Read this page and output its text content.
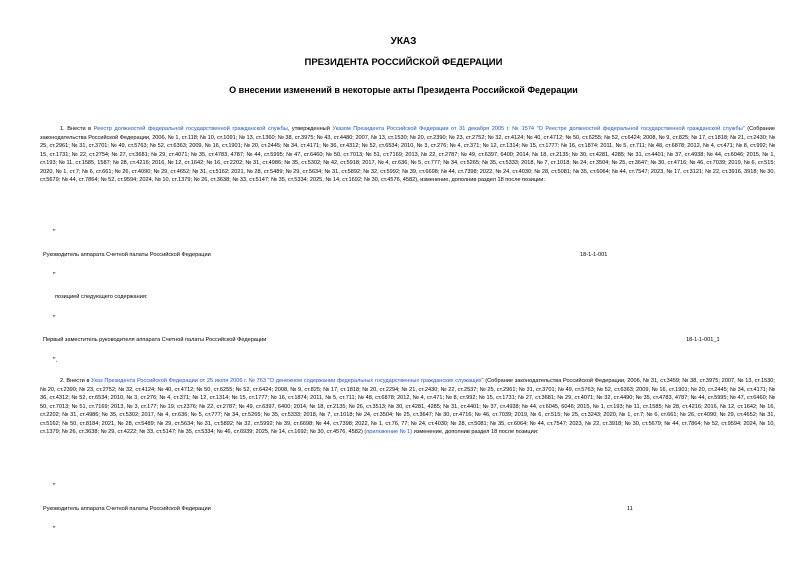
УКАЗ
ПРЕЗИДЕНТА РОССИЙСКОЙ ФЕДЕРАЦИИ
О внесении изменений в некоторые акты Президента Российской Федерации
1. Внести в Реестр должностей федеральной государственной гражданской службы, утвержденный Указом Президента Российской Федерации от 31 декабря 2005 г. № 1574 "О Реестре должностей федеральной государственной гражданской службы" (Собрание законодательства Российской Федерации, 2006, № 1, ст.118; № 10, ст.1091; № 13, ст.1360; № 38, ст.3975; № 43, ст.4480; 2007, № 13, ст.1530; № 20, ст.2390; № 23, ст.2752; № 32, ст.4124; № 40, ст.4712; № 50, ст.6255; № 52, ст.6424; 2008, № 9, ст.825; № 17, ст.1818; № 21, ст.2430; № 25, ст.2961; № 31, ст.3701; № 49, ст.5763; № 52, ст.6363; 2009, № 16, ст.1901; № 20, ст.2445; № 34, ст.4171; № 36, ст.4312; № 52, ст.6534; 2010, № 3, ст.276; № 4, ст.371; № 12, ст.1314; № 15, ст.1777; № 16, ст.1874; 2011, № 5, ст.711; № 48, ст.6878; 2012, № 4, ст.471; № 8, ст.992; № 15, ст.1731; № 22, ст.2754; № 27, ст.3681; № 29, ст.4071; № 35, ст.4783, 4787; № 44, ст.5995; № 47, ст.6460; № 50, ст.7013; № 51, ст.7169; 2013, № 22, ст.2787; № 49, ст.6397, 6400; 2014, № 18, ст.2135; № 30, ст.4281, 4285; № 31, ст.4401; № 37, ст.4938; № 44, ст.6046; 2015, № 1, ст.193; № 11, ст.1585, 1587; № 28, ст.4216; 2016, № 12, ст.1642; № 16, ст.2202; № 31, ст.4986; № 35, ст.5302; № 42, ст.5918; 2017, № 4, ст.636; № 5, ст.777; № 34, ст.5265; № 35, ст.5333; 2018, № 7, ст.1018; № 24, ст.3504; № 25, ст.3647; № 30, ст.4716; № 46, ст.7039; 2019, № 6, ст.515; 2020, № 1, ст.7; № 6, ст.661; № 26, ст.4090; № 29, ст.4652; № 31, ст.5162; 2021, № 28, ст.5489; № 29, ст.5634; № 31, ст.5892; № 32, ст.5992; № 39, ст.6698; № 44, ст.7398; 2022, № 24, ст.4030; № 28, ст.5081; № 35, ст.6064; № 44, ст.7547; 2023, № 17, ст.3121; № 22, ст.3916, 3918; № 30, ст.5679; № 44, ст.7864; № 52, ст.9594; 2024, № 10, ст.1379; № 26, ст.3638; № 33, ст.5147; № 35, ст.5334; 2025, № 14, ст.1692; № 30, ст.4576, 4582), изменение, дополнив раздел 18 после позиции:
"
Руководитель аппарата Счетной палаты Российской Федерации	18-1-1-001
"
позицией следующего содержания:
"
Первый заместитель руководителя аппарата Счетной палаты Российской Федерации	18-1-1-001_1
".
2. Внести в Указ Президента Российской Федерации от 25 июля 2006 г. № 763 "О денежном содержании федеральных государственных гражданских служащих" (Собрание законодательства Российской Федерации, 2006, № 31, ст.3459; № 38, ст.3975; 2007, № 13, ст.1530; № 20, ст.2390; № 23, ст.2752; № 32, ст.4124; № 40, ст.4712; № 50, ст.6255; № 52, ст.6424; 2008, № 9, ст.825; № 17, ст.1818; № 20, ст.2294; № 21, ст.2430; № 22, ст.2537; № 25, ст.2961; № 31, ст.3701; № 49, ст.5763; № 52, ст.6363; 2009, № 16, ст.1901; № 20, ст.2445; № 34, ст.4171; № 36, ст.4312; № 52, ст.6534; 2010, № 3, ст.276; № 4, ст.371; № 12, ст.1314; № 15, ст.1777; № 16, ст.1874; 2011, № 5, ст.711; № 48, ст.6878; 2012, № 4, ст.471; № 8, ст.992; № 15, ст.1731; № 27, ст.3681; № 29, ст.4071; № 32, ст.4490; № 35, ст.4783, 4787; № 44, ст.5995; № 47, ст.6460; № 50, ст.7013; № 51, ст.7169; 2013, № 3, ст.177; № 19, ст.2376; № 22, ст.2787; № 49, ст.6397, 6400; 2014, № 18, ст.2135; № 26, ст.3513; № 30, ст.4281, 4285; № 31, ст.4401; № 37, ст.4938; № 44, ст.6045, 6046; 2015, № 1, ст.193; № 11, ст.1585; № 28, ст.4216; 2016, № 12, ст.1642; № 16, ст.2202; № 31, ст.4986; № 35, ст.5302; 2017, № 4, ст.636; № 5, ст.777; № 34, ст.5265; № 35, ст.5333; 2018, № 7, ст.1018; № 24, ст.3504; № 25, ст.3647; № 30, ст.4716; № 46, ст.7039; 2019, № 6, ст.515; № 25, ст.3243; 2020, № 1, ст.7; № 6, ст.661; № 26, ст.4090; № 29, ст.4652; № 31, ст.5162; № 50, ст.8184; 2021, № 28, ст.5489; № 29, ст.5634; № 31, ст.5892; № 32, ст.5992; № 39, ст.6698; № 44, ст.7398; 2022, № 1, ст.76, 77; № 24, ст.4030; № 28, ст.5081; № 35, ст.6064; № 44, ст.7547; 2023, № 22, ст.3918; № 30, ст.5679; № 44, ст.7864; № 52, ст.9594; 2024, № 10, ст.1379; № 26, ст.3638; № 29, ст.4222; № 33, ст.5147; № 35, ст.5334; № 46, ст.6939; 2025, № 14, ст.1692; № 30, ст.4576, 4582) (приложение № 1) изменение, дополнив раздел 18 после позиции:
"
Руководитель аппарата Счетной палаты Российской Федерации	11
"
